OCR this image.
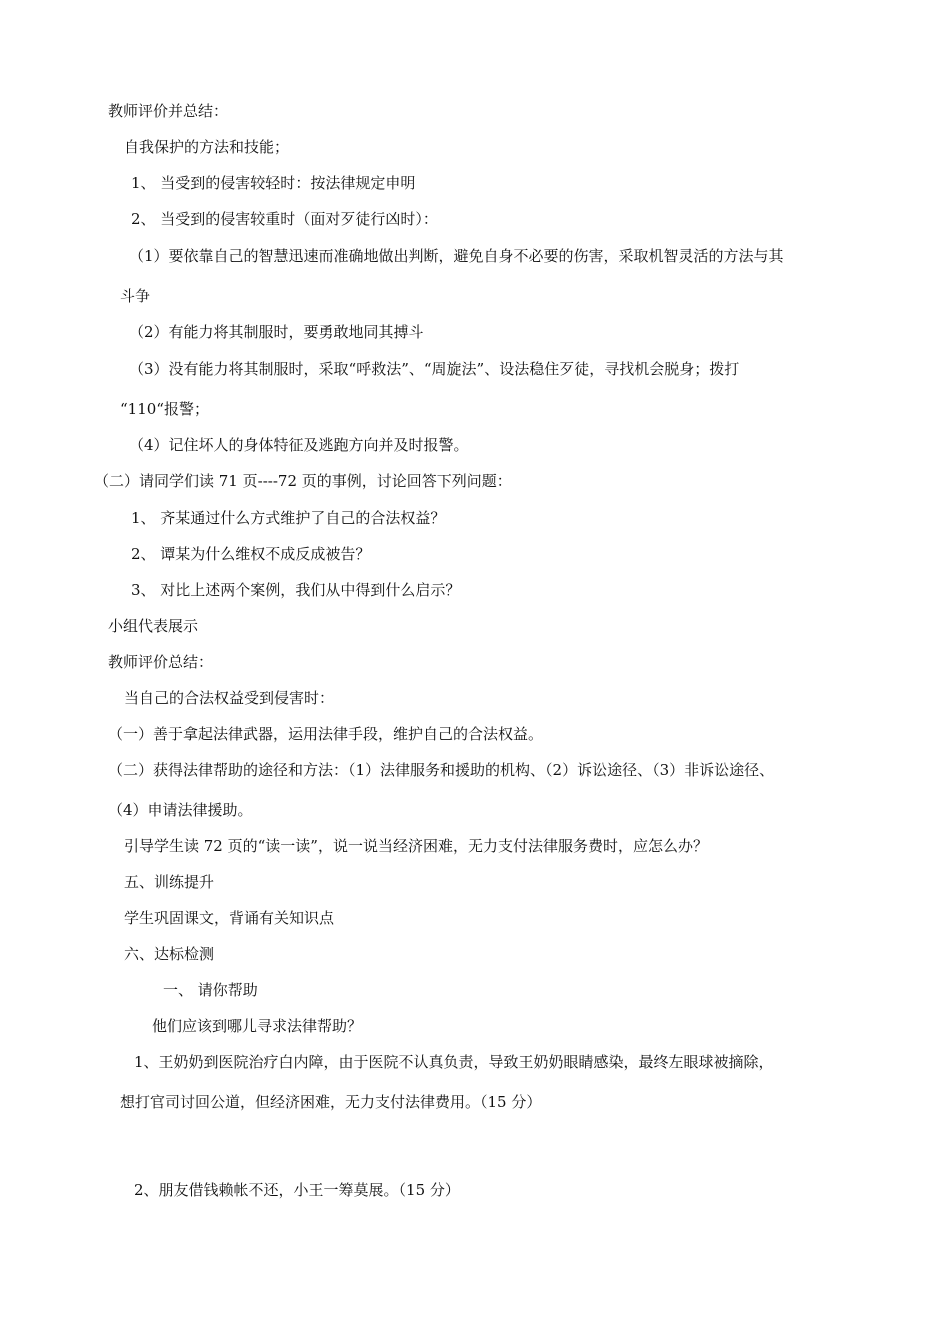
教师评价并总结：
自我保护的方法和技能；
1、 当受到的侵害较轻时：按法律规定申明
2、 当受到的侵害较重时（面对歹徒行凶时）：
（1）要依靠自己的智慧迅速而准确地做出判断，避免自身不必要的伤害，采取机智灵活的方法与其
斗争
（2）有能力将其制服时，要勇敢地同其搏斗
（3）没有能力将其制服时，采取“呼救法”、“周旋法”、设法稳住歹徒，寻找机会脱身；拨打
“110“报警；
（4）记住坏人的身体特征及逃跑方向并及时报警。
（二）请同学们读 71 页----72 页的事例，讨论回答下列问题：
1、 齐某通过什么方式维护了自己的合法权益？
2、 谭某为什么维权不成反成被告？
3、 对比上述两个案例，我们从中得到什么启示？
小组代表展示
教师评价总结：
当自己的合法权益受到侵害时：
（一）善于拿起法律武器，运用法律手段，维护自己的合法权益。
（二）获得法律帮助的途径和方法：（1）法律服务和援助的机构、（2）诉讼途径、（3）非诉讼途径、
（4）申请法律援助。
引导学生读 72 页的“读一读”，说一说当经济困难，无力支付法律服务费时，应怎么办？
五、训练提升
学生巩固课文，背诵有关知识点
六、达标检测
一、 请你帮助
他们应该到哪儿寻求法律帮助？
1、王奶奶到医院治疗白内障，由于医院不认真负责，导致王奶奶眼睛感染，最终左眼球被摘除，
想打官司讨回公道，但经济困难，无力支付法律费用。（15 分）
2、朋友借钱赖帐不还，小王一筹莫展。（15 分）
